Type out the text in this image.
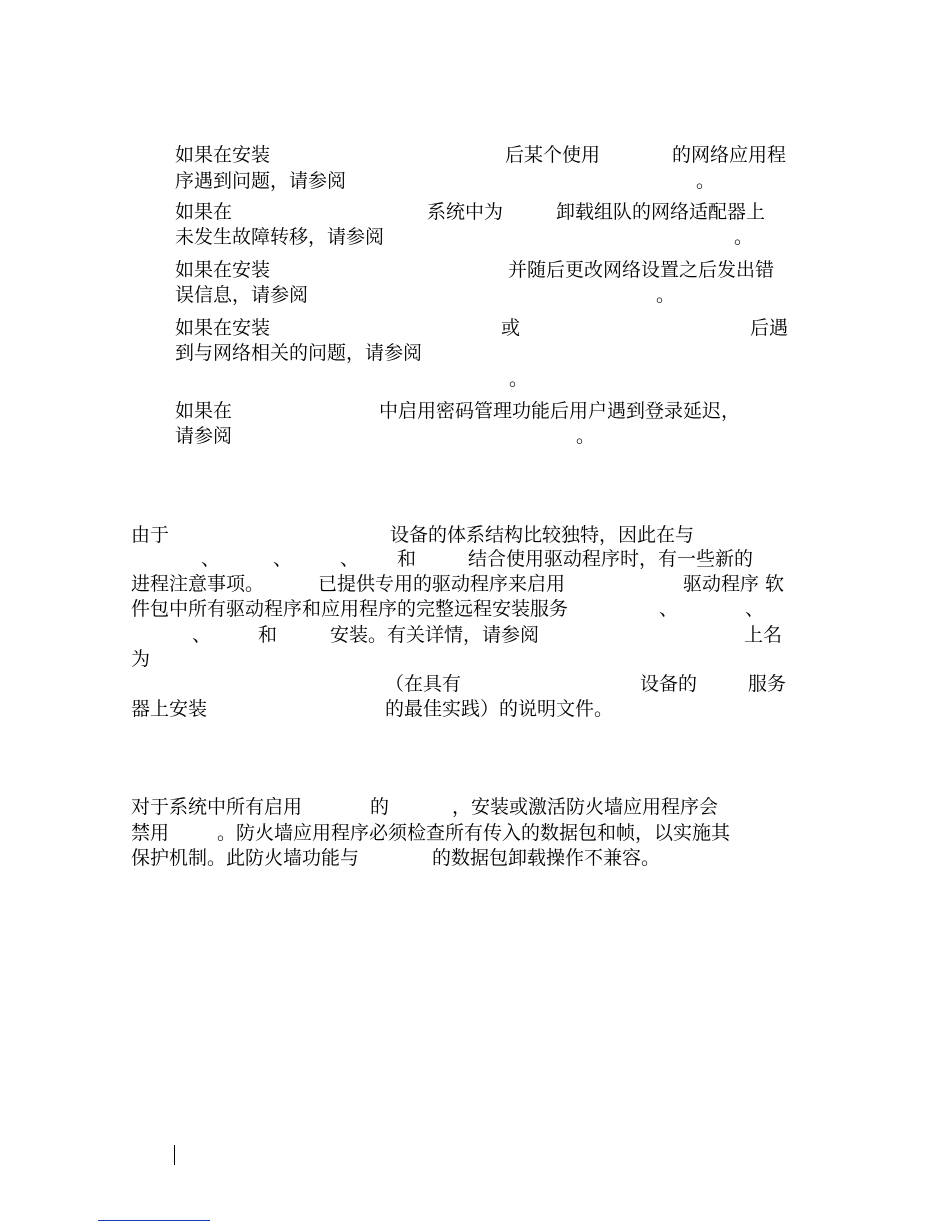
如果在安装	后某个使用	的网络应用程

序遇到问题，请参阅	。

如果在	系统中为	卸载组队的网络适配器上

未发生故障转移，请参阅	。

如果在安装	并随后更改网络设置之后发出错

误信息，请参阅	。

如果在安装	或	后遇

到与网络相关的问题，请参阅

。

如果在	中启用密码管理功能后用户遇到登录延迟，

请参阅	。

由于	设备的体系结构比较独特，因此在与

、	、	、 和	结合使用驱动程序时，有一些新的

进程注意事项。	已提供专用的驱动程序来启用	驱动程序 软

件包中所有驱动程序和应用程序的完整远程安装服务	、	、

、 和	安装。有关详情，请参阅	上名

为

（在具有	设备的	服务

器上安装	的最佳实践）的说明文件。

对于系统中所有启用	的	，安装或激活防火墙应用程序会

禁用	。防火墙应用程序必须检查所有传入的数据包和帧，以实施其

保护机制。此防火墙功能与	的数据包卸载操作不兼容。
